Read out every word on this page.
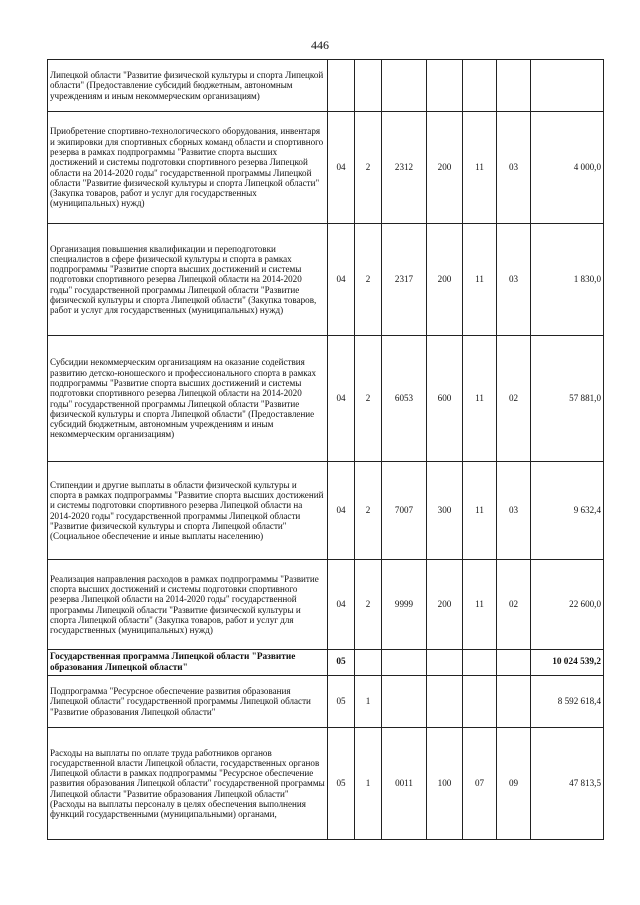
446
Липецкой области "Развитие физической культуры и спорта Липецкой области" (Предоставление субсидий бюджетным, автономным учреждениям и иным некоммерческим организациям)							
Приобретение спортивно-технологического оборудования, инвентаря и экипировки для спортивных сборных команд области и спортивного резерва в рамках подпрограммы "Развитие спорта высших достижений и системы подготовки спортивного резерва Липецкой области на 2014-2020 годы" государственной программы Липецкой области "Развитие физической культуры и спорта Липецкой области" (Закупка товаров, работ и услуг для государственных (муниципальных) нужд)	04	2	2312	200	11	03	4 000,0
Организация повышения квалификации и переподготовки специалистов в сфере физической культуры и спорта в рамках подпрограммы "Развитие спорта высших достижений и системы подготовки спортивного резерва Липецкой области на 2014-2020 годы" государственной программы Липецкой области "Развитие физической культуры и спорта Липецкой области" (Закупка товаров, работ и услуг для государственных (муниципальных) нужд)	04	2	2317	200	11	03	1 830,0
Субсидии некоммерческим организациям на оказание содействия развитию детско-юношеского и профессионального спорта в рамках подпрограммы "Развитие спорта высших достижений и системы подготовки спортивного резерва Липецкой области на 2014-2020 годы" государственной программы Липецкой области "Развитие физической культуры и спорта Липецкой области" (Предоставление субсидий бюджетным, автономным учреждениям и иным некоммерческим организациям)	04	2	6053	600	11	02	57 881,0
Стипендии и другие выплаты в области физической культуры и спорта в рамках подпрограммы "Развитие спорта высших достижений и системы подготовки спортивного резерва Липецкой области на 2014-2020 годы" государственной программы Липецкой области "Развитие физической культуры и спорта Липецкой области" (Социальное обеспечение и иные выплаты населению)	04	2	7007	300	11	03	9 632,4
Реализация направления расходов в рамках подпрограммы "Развитие спорта высших достижений и системы подготовки спортивного резерва Липецкой области на 2014-2020 годы" государственной программы Липецкой области "Развитие физической культуры и спорта Липецкой области" (Закупка товаров, работ и услуг для государственных (муниципальных) нужд)	04	2	9999	200	11	02	22 600,0
Государственная программа Липецкой области "Развитие образования Липецкой области"	05						10 024 539,2
Подпрограмма "Ресурсное обеспечение развития образования Липецкой области" государственной программы Липецкой области "Развитие образования Липецкой области"	05	1					8 592 618,4
Расходы на выплаты по оплате труда работников органов государственной власти Липецкой области, государственных органов Липецкой области в рамках подпрограммы "Ресурсное обеспечение развития образования Липецкой области" государственной программы Липецкой области "Развитие образования Липецкой области" (Расходы на выплаты персоналу в целях обеспечения выполнения функций государственными (муниципальными) органами,	05	1	0011	100	07	09	47 813,5
